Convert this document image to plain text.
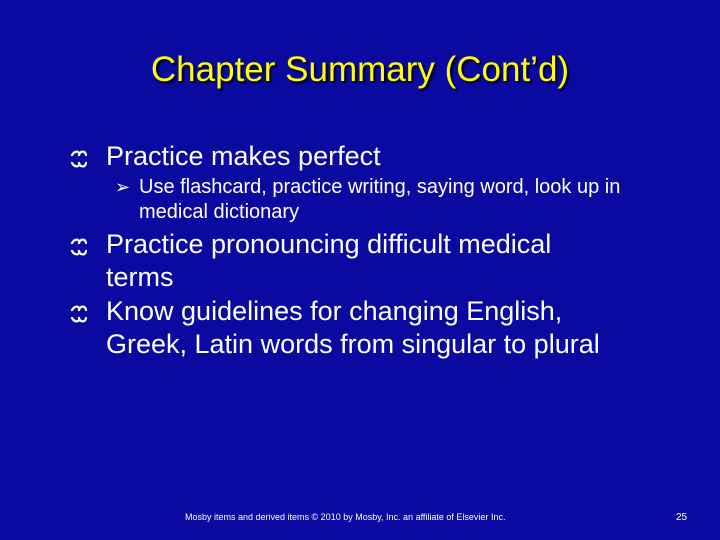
Chapter Summary (Cont’d)
Practice makes perfect
➢ Use flashcard, practice writing, saying word, look up in medical dictionary
Practice pronouncing difficult medical terms
Know guidelines for changing English, Greek, Latin words from singular to plural
Mosby items and derived items © 2010 by Mosby, Inc. an affiliate of Elsevier Inc.	25
